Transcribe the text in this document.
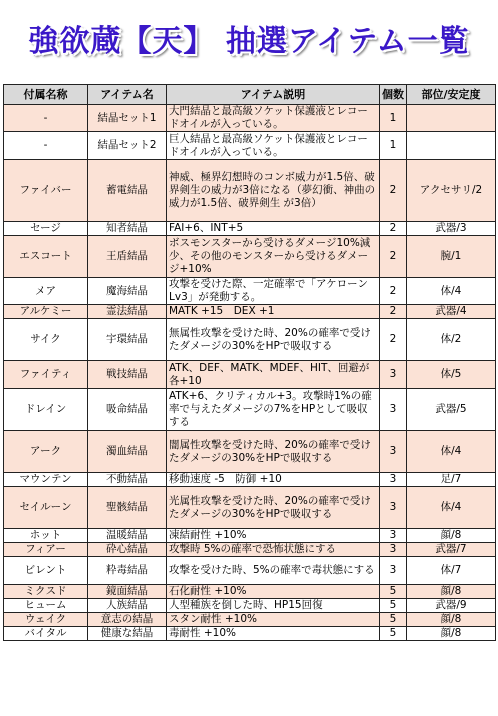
強欲蔵【天】 抽選アイテム一覧
付属名称	アイテム名	アイテム説明	個数	部位/安定度
-	結晶セット1	大門結晶と最高級ソケット保護液とレコードオイルが入っている。	1	
-	結晶セット2	巨人結晶と最高級ソケット保護液とレコードオイルが入っている。	1	
ファイバー	蓄電結晶	神威、極界幻想時のコンボ威力が1.5倍、破界剣生の威力が3倍になる（夢幻衝、神曲の威力が1.5倍、破界剣生 が3倍）	2	アクセサリ/2
セージ	知者結晶	FAI+6、INT+5	2	武器/3
エスコート	王盾結晶	ボスモンスターから受けるダメージ10%減少、その他のモンスターから受けるダメージ+10%	2	腕/1
メア	魔海結晶	攻撃を受けた際、一定確率で「アケローンLv3」が発動する。	2	体/4
アルケミー	霊法結晶	MATK +15　DEX +1	2	武器/4
サイク	宇環結晶	無属性攻撃を受けた時、20%の確率で受けたダメージの30%をHPで吸収する	2	体/2
ファイティ	戦技結晶	ATK、DEF、MATK、MDEF、HIT、回避が各+10	3	体/5
ドレイン	吸命結晶	ATK+6、クリティカル+3。攻撃時1%の確率で与えたダメージの7%をHPとして吸収する	3	武器/5
アーク	濁血結晶	闇属性攻撃を受けた時、20%の確率で受けたダメージの30%をHPで吸収する	3	体/4
マウンテン	不動結晶	移動速度 -5　防御 +10	3	足/7
セイルーン	聖骸結晶	光属性攻撃を受けた時、20%の確率で受けたダメージの30%をHPで吸収する	3	体/4
ホット	温暖結晶	凍結耐性 +10%	3	顔/8
フィアー	砕心結晶	攻撃時 5%の確率で恐怖状態にする	3	武器/7
ビレント	粋毒結晶	攻撃を受けた時、5%の確率で毒状態にする	3	体/7
ミクスド	鏡面結晶	石化耐性 +10%	5	顔/8
ヒューム	人族結晶	人型種族を倒した時、HP15回復	5	武器/9
ウェイク	意志の結晶	スタン耐性 +10%	5	顔/8
バイタル	健康な結晶	毒耐性 +10%	5	顔/8
